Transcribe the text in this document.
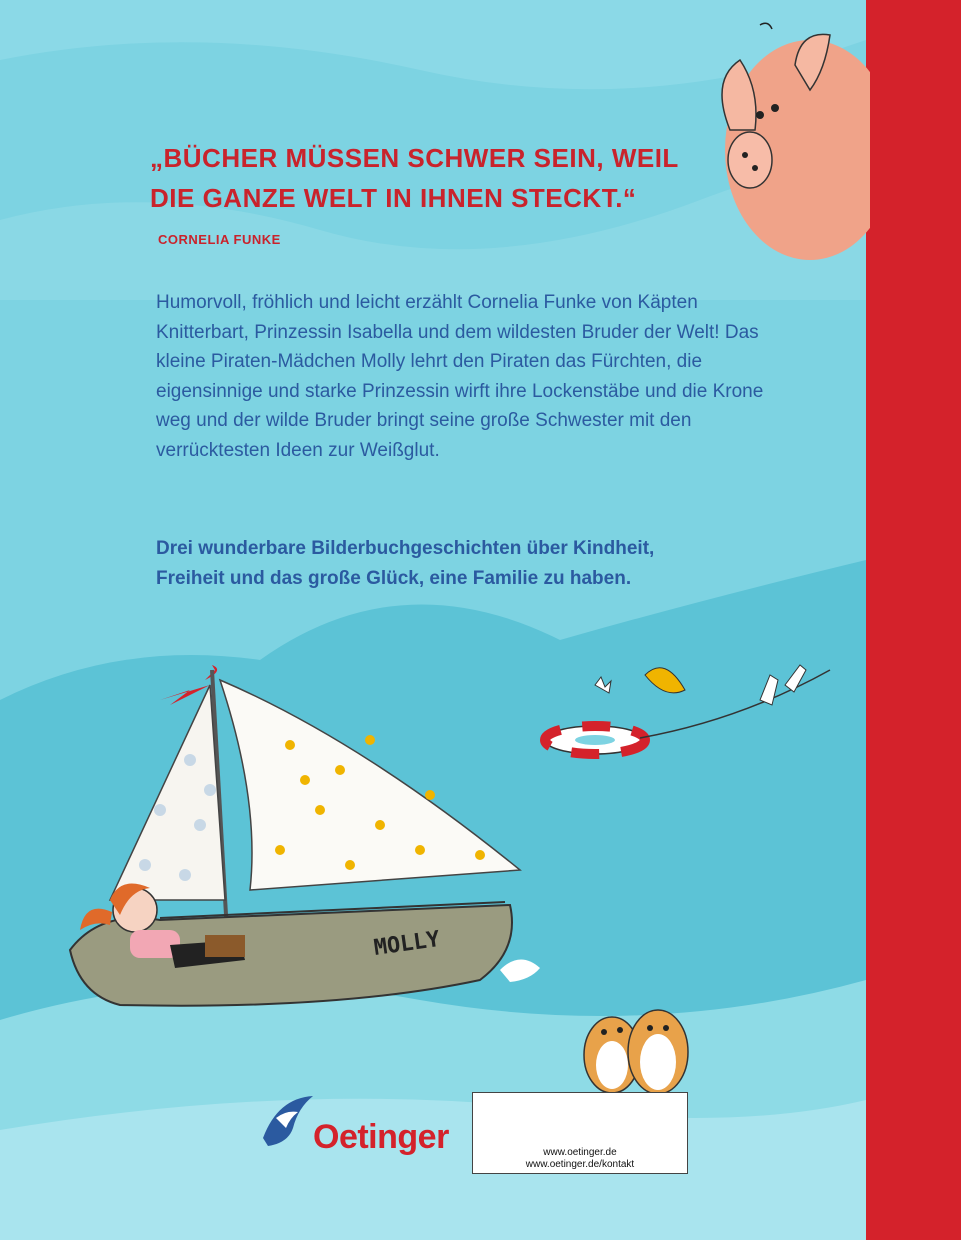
„BÜCHER MÜSSEN SCHWER SEIN, WEIL
DIE GANZE WELT IN IHNEN STECKT.“
CORNELIA FUNKE
Humorvoll, fröhlich und leicht erzählt Cornelia Funke von Käpten Knitterbart, Prinzessin Isabella und dem wildesten Bruder der Welt! Das kleine Piraten-Mädchen Molly lehrt den Piraten das Fürchten, die eigensinnige und starke Prinzessin wirft ihre Lockenstäbe und die Krone weg und der wilde Bruder bringt seine große Schwester mit den verrücktesten Ideen zur Weißglut.
Drei wunderbare Bilderbuchgeschichten über Kindheit,
Freiheit und das große Glück, eine Familie zu haben.
MOLLY
Oetinger	www.oetinger.de
www.oetinger.de/kontakt
